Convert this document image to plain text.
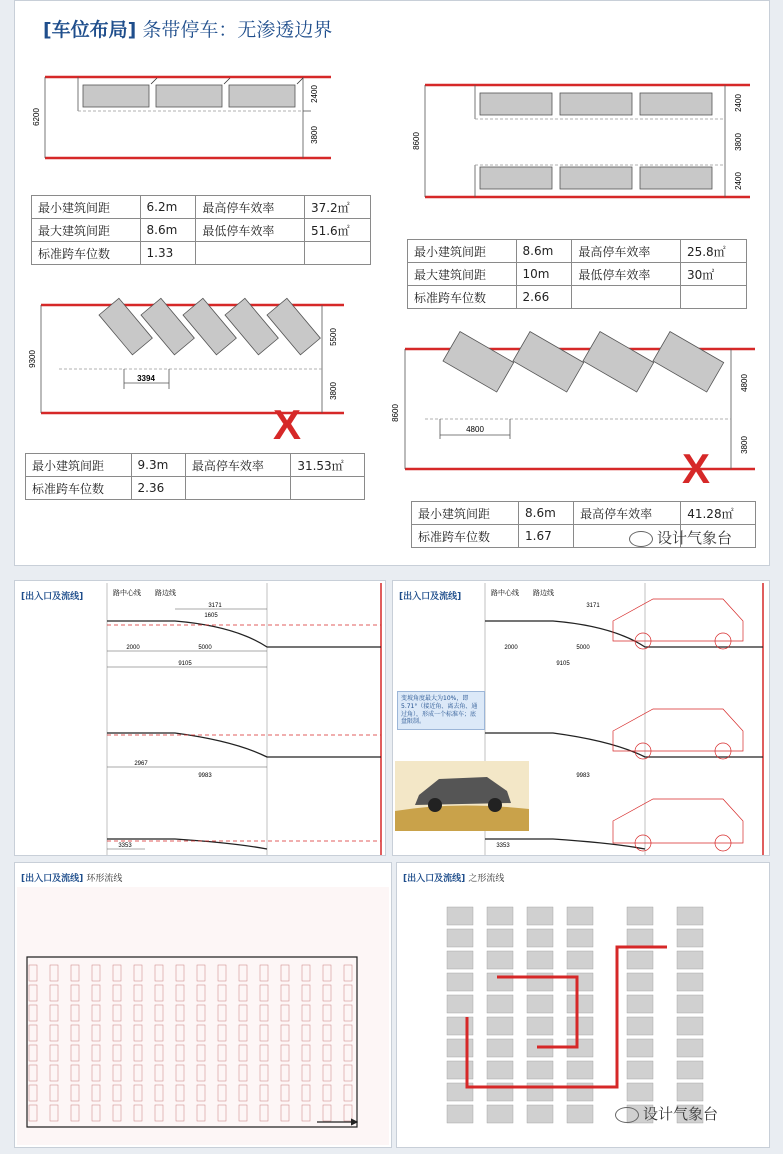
[车位布局] 条带停车：无渗透边界
6200
2400
3800
最小建筑间距	6.2m	最高停车效率	37.2㎡
最大建筑间距	8.6m	最低停车效率	51.6㎡
标准跨车位数	1.33		
8600
2400
3800
2400
最小建筑间距	8.6m	最高停车效率	25.8㎡
最大建筑间距	10m	最低停车效率	30㎡
标准跨车位数	2.66		
3394
9300
5500
3800
X
最小建筑间距	9.3m	最高停车效率	31.53㎡
标准跨车位数	2.36		
4800
8600
4800
3800
X
最小建筑间距	8.6m	最高停车效率	41.28㎡
标准跨车位数	1.67			设计气象台
[出入口及流线]	路中心线 路边线
3171
1605
2000	5000
9105
2967
9983
3353
[出入口及流线]	路中心线 路边线
3171
2000	5000
9105
9983
3353
变坡角度最大为10%，即5.71°（接近角、离去角、通过角），形成一个标准车；底盘限制。
[出入口及流线] 环形流线	[出入口及流线] 之形流线
设计气象台
